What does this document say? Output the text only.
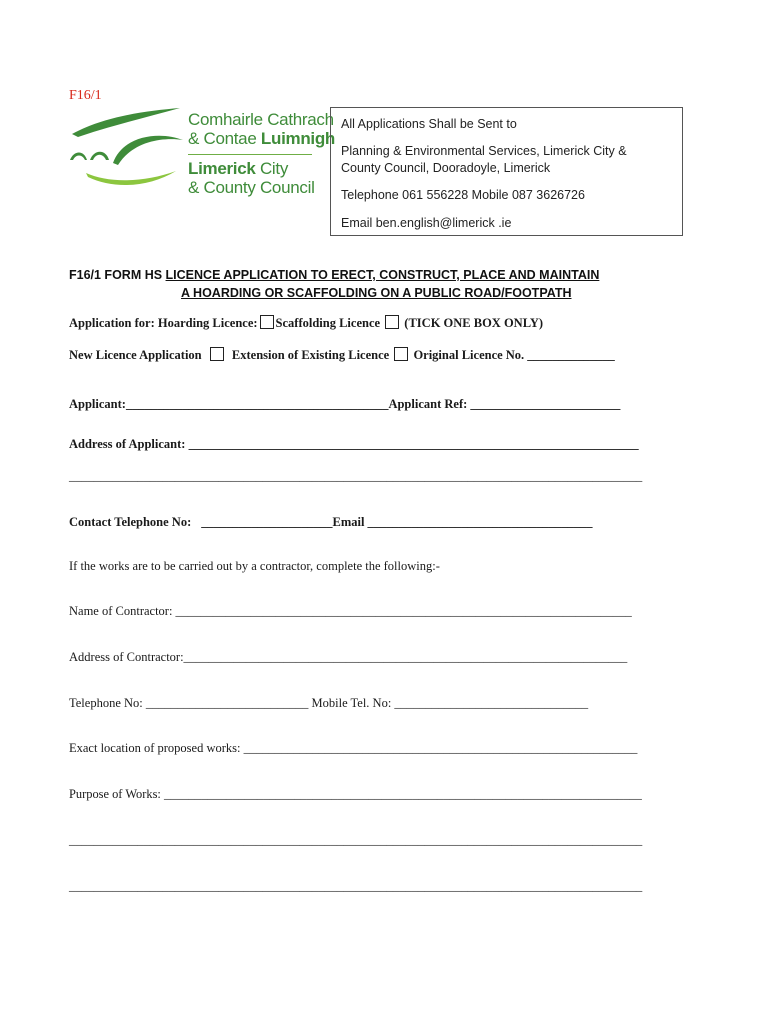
F16/1
Comhairle Cathrach
& Contae Luimnigh
Limerick City
& County Council
All Applications Shall be Sent to
Planning & Environmental Services, Limerick City &
County Council, Dooradoyle, Limerick
Telephone 061 556228 Mobile 087 3626726
Email ben.english@limerick .ie
F16/1 FORM HS LICENCE APPLICATION TO ERECT, CONSTRUCT, PLACE AND MAINTAIN
A HOARDING OR SCAFFOLDING ON A PUBLIC ROAD/FOOTPATH
Application for: Hoarding Licence: Scaffolding Licence (TICK ONE BOX ONLY)
New Licence Application Extension of Existing Licence Original Licence No. ______________
Applicant:__________________________________________Applicant Ref: ________________________
Address of Applicant: ________________________________________________________________________
____________________________________________________________________________________________
Contact Telephone No: _____________________Email ____________________________________
If the works are to be carried out by a contractor, complete the following:-
Name of Contractor: _________________________________________________________________________
Address of Contractor:_______________________________________________________________________
Telephone No: __________________________ Mobile Tel. No: _______________________________
Exact location of proposed works: _______________________________________________________________
Purpose of Works: _____________________________________________________________________________
____________________________________________________________________________________________
____________________________________________________________________________________________
